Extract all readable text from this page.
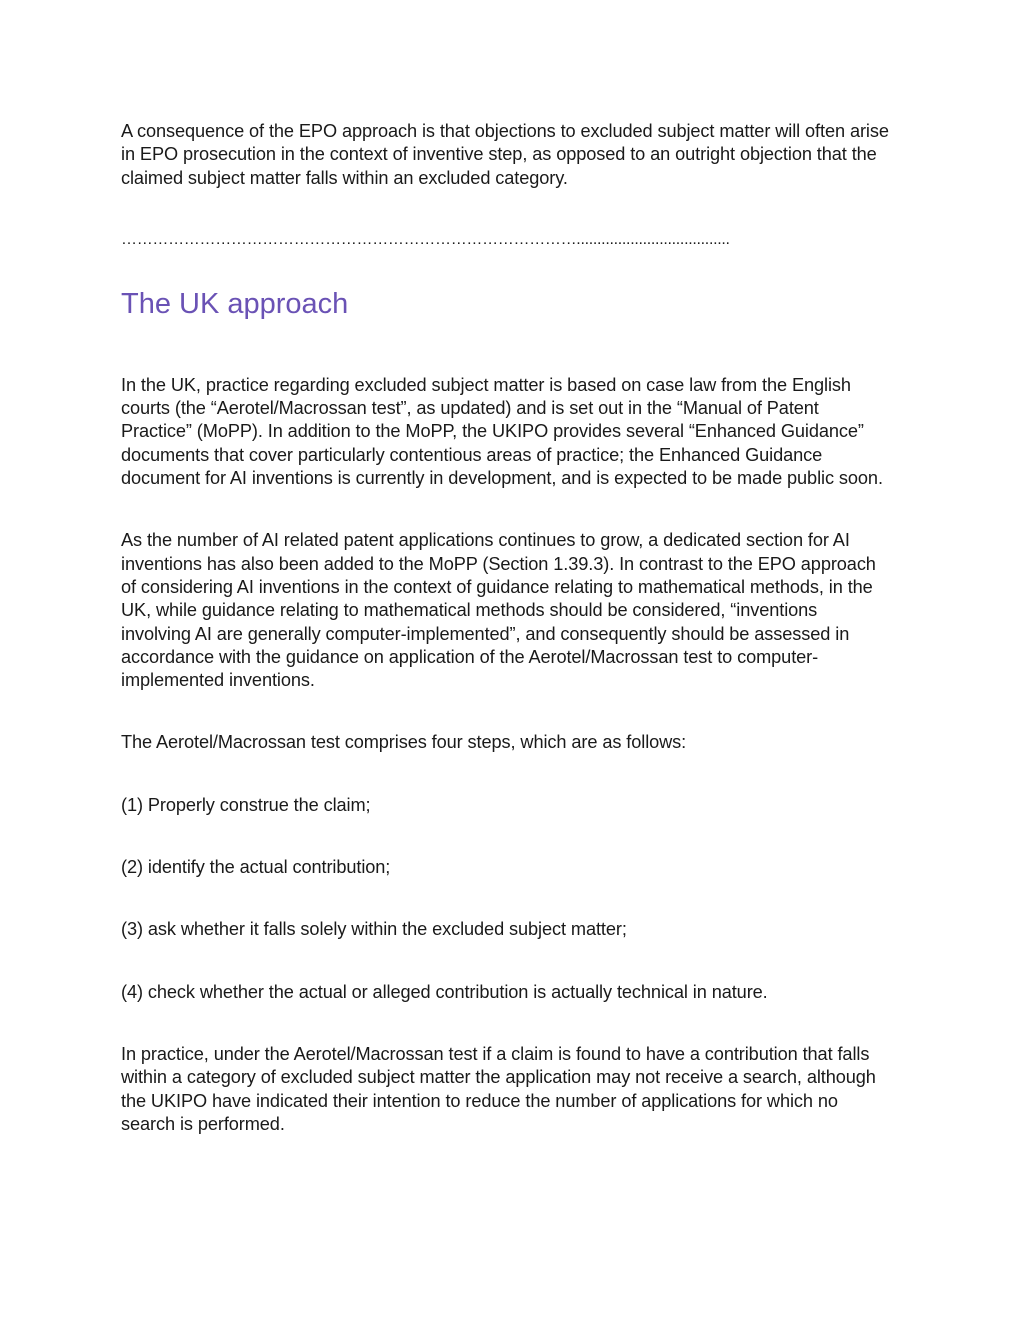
A consequence of the EPO approach is that objections to excluded subject matter will often arise in EPO prosecution in the context of inventive step, as opposed to an outright objection that the claimed subject matter falls within an excluded category.

…………………………………………………………………………….....................................
The UK approach

In the UK, practice regarding excluded subject matter is based on case law from the English courts (the “Aerotel/Macrossan test”, as updated) and is set out in the “Manual of Patent Practice” (MoPP). In addition to the MoPP, the UKIPO provides several “Enhanced Guidance” documents that cover particularly contentious areas of practice; the Enhanced Guidance document for AI inventions is currently in development, and is expected to be made public soon.

As the number of AI related patent applications continues to grow, a dedicated section for AI inventions has also been added to the MoPP (Section 1.39.3). In contrast to the EPO approach of considering AI inventions in the context of guidance relating to mathematical methods, in the UK, while guidance relating to mathematical methods should be considered, “inventions involving AI are generally computer-implemented”, and consequently should be assessed in accordance with the guidance on application of the Aerotel/Macrossan test to computer-implemented inventions.

The Aerotel/Macrossan test comprises four steps, which are as follows:

(1) Properly construe the claim;

(2) identify the actual contribution;

(3) ask whether it falls solely within the excluded subject matter;

(4) check whether the actual or alleged contribution is actually technical in nature.

In practice, under the Aerotel/Macrossan test if a claim is found to have a contribution that falls within a category of excluded subject matter the application may not receive a search, although the UKIPO have indicated their intention to reduce the number of applications for which no search is performed.
